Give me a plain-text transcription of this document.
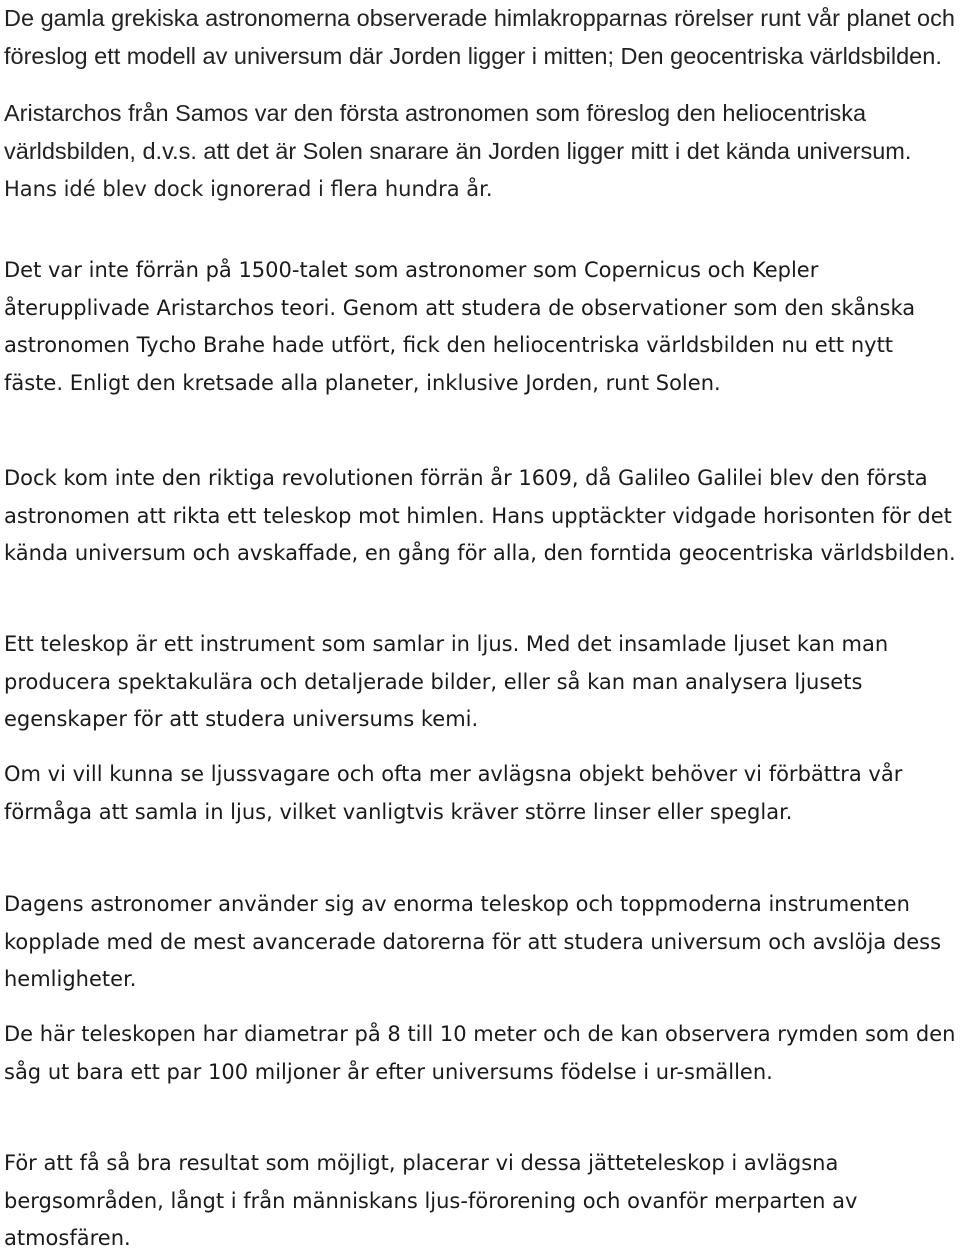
De gamla grekiska astronomerna observerade himlakropparnas rörelser runt vår planet och föreslog ett modell av universum där Jorden ligger i mitten; Den geocentriska världsbilden.

Aristarchos från Samos var den första astronomen som föreslog den heliocentriska världsbilden, d.v.s. att det är Solen snarare än Jorden ligger mitt i det kända universum. Hans idé blev dock ignorerad i flera hundra år.

Det var inte förrän på 1500-talet som astronomer som Copernicus och Kepler återupplivade Aristarchos teori. Genom att studera de observationer som den skånska astronomen Tycho Brahe hade utfört, fick den heliocentriska världsbilden nu ett nytt fäste. Enligt den kretsade alla planeter, inklusive Jorden, runt Solen.

Dock kom inte den riktiga revolutionen förrän år 1609, då Galileo Galilei blev den första astronomen att rikta ett teleskop mot himlen. Hans upptäckter vidgade horisonten för det kända universum och avskaffade, en gång för alla, den forntida geocentriska världsbilden.

Ett teleskop är ett instrument som samlar in ljus. Med det insamlade ljuset kan man producera spektakulära och detaljerade bilder, eller så kan man analysera ljusets egenskaper för att studera universums kemi.

Om vi vill kunna se ljussvagare och ofta mer avlägsna objekt behöver vi förbättra vår förmåga att samla in ljus, vilket vanligtvis kräver större linser eller speglar.

Dagens astronomer använder sig av enorma teleskop och toppmoderna instrumenten kopplade med de mest avancerade datorerna för att studera universum och avslöja dess hemligheter.

De här teleskopen har diametrar på 8 till 10 meter och de kan observera rymden som den såg ut bara ett par 100 miljoner år efter universums födelse i ur-smällen.

För att få så bra resultat som möjligt, placerar vi dessa jätteteleskop i avlägsna bergsområden, långt i från människans ljus-förorening och ovanför merparten av atmosfären.
